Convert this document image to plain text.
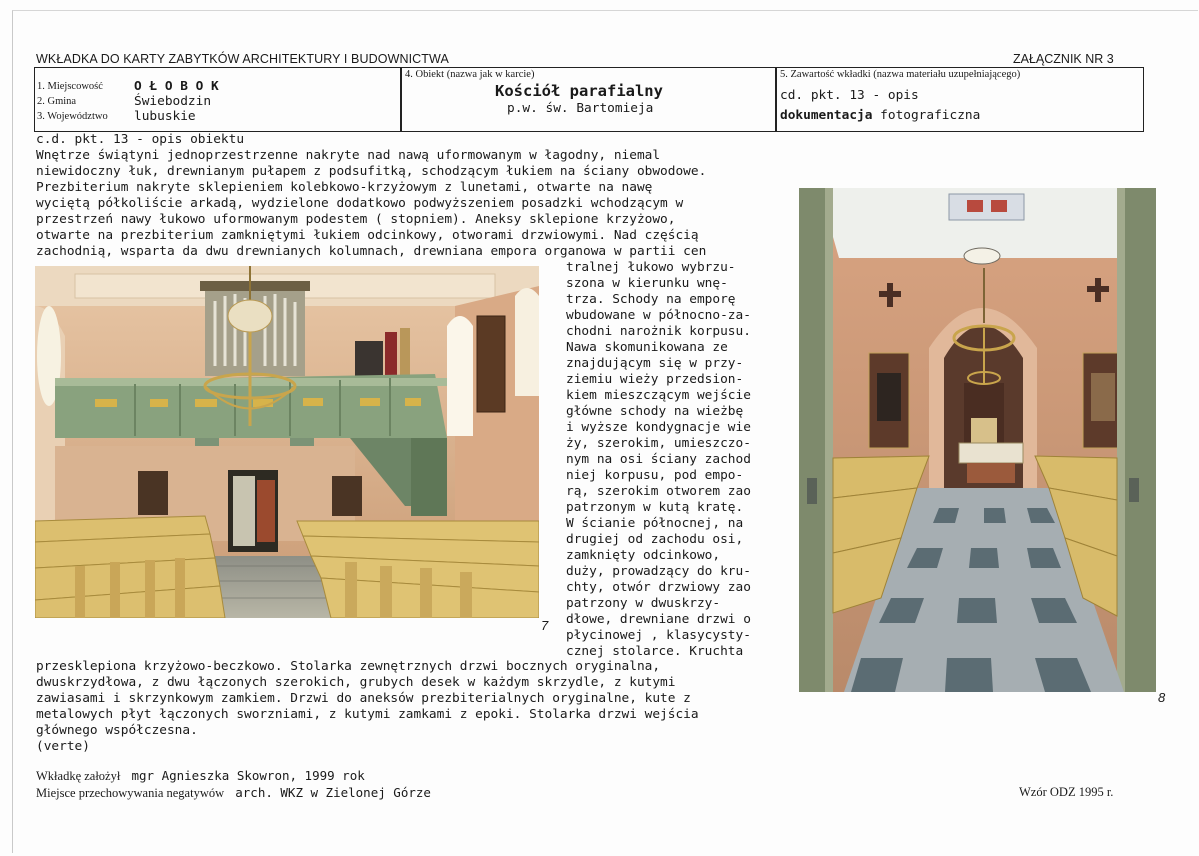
WKŁADKA DO KARTY ZABYTKÓW ARCHITEKTURY I BUDOWNICTWA	ZAŁĄCZNIK NR 3
1. Miejscowość
2. Gmina
3. Województwo
O Ł O B O K
Świebodzin
lubuskie
4. Obiekt (nazwa jak w karcie)
Kościół parafialny
p.w. św. Bartomieja
5. Zawartość wkładki (nazwa materiału uzupełniającego)
cd. pkt. 13 - opis
dokumentacja fotograficzna
c.d. pkt. 13 - opis obiektu
Wnętrze świątyni jednoprzestrzenne nakryte nad nawą uformowanym w łagodny, niemal
niewidoczny łuk, drewnianym pułapem z podsufitką, schodzącym łukiem na ściany obwodowe.
Prezbiterium nakryte sklepieniem kolebkowo-krzyżowym z lunetami, otwarte na nawę
wyciętą półkoliście arkadą, wydzielone dodatkowo podwyższeniem posadzki wchodzącym w
przestrzeń nawy łukowo uformowanym podestem ( stopniem). Aneksy sklepione krzyżowo,
otwarte na prezbiterium zamkniętymi łukiem odcinkowy, otworami drzwiowymi. Nad częścią
zachodnią, wsparta da dwu drewnianych kolumnach, drewniana empora organowa w partii cen
7
tralnej łukowo wybrzu-
szona w kierunku wnę-
trza. Schody na emporę
wbudowane w północno-za-
chodni narożnik korpusu.
Nawa skomunikowana ze
znajdującym się w przy-
ziemiu wieży przedsion-
kiem mieszczącym wejście
główne schody na wieżbę
i wyższe kondygnacje wie
ży, szerokim, umieszczo-
nym na osi ściany zachod
niej korpusu, pod empo-
rą, szerokim otworem zao
patrzonym w kutą kratę.
W ścianie północnej, na
drugiej od zachodu osi,
zamknięty odcinkowo,
duży, prowadzący do kru-
chty, otwór drzwiowy zao
patrzony w dwuskrzy-
dłowe, drewniane drzwi o
płycinowej , klasycysty-
cznej stolarce. Kruchta
8
przesklepiona krzyżowo-beczkowo. Stolarka zewnętrznych drzwi bocznych oryginalna,
dwuskrzydłowa, z dwu łączonych szerokich, grubych desek w każdym skrzydle, z kutymi
zawiasami i skrzynkowym zamkiem. Drzwi do aneksów prezbiterialnych oryginalne, kute z
metalowych płyt łączonych sworzniami, z kutymi zamkami z epoki. Stolarka drzwi wejścia
głównego współczesna.
(verte)
Wkładkę założył mgr Agnieszka Skowron, 1999 rok
Miejsce przechowywania negatywów arch. WKZ w Zielonej Górze	Wzór ODZ 1995 r.
